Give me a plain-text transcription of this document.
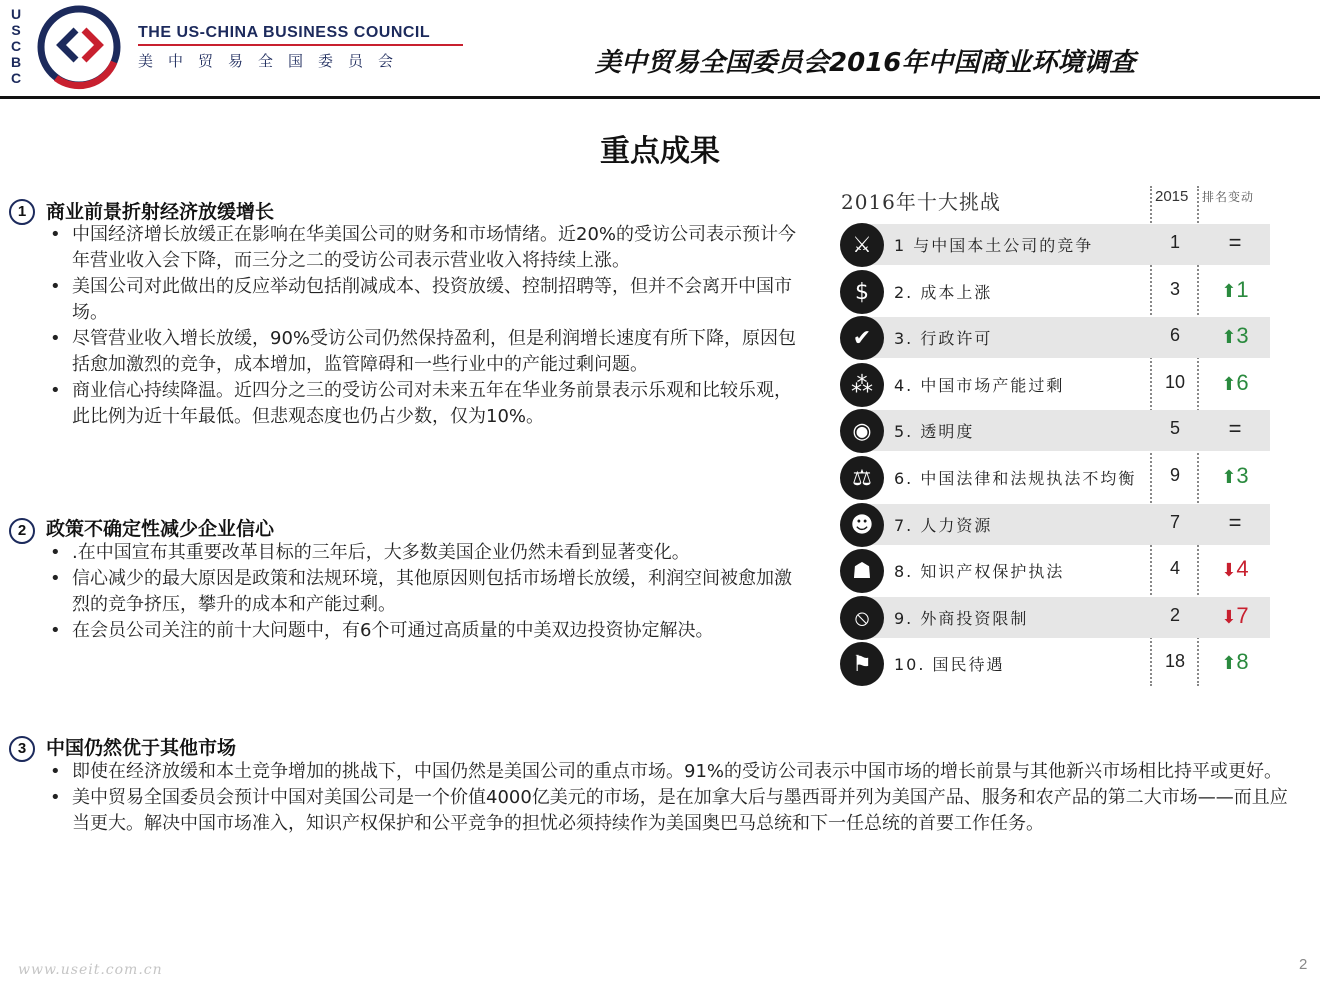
U
S
C
B
C
THE US-CHINA BUSINESS COUNCIL
美中贸易全国委员会	美中贸易全国委员会2016年中国商业环境调查
重点成果
1	商业前景折射经济放缓增长
• 中国经济增长放缓正在影响在华美国公司的财务和市场情绪。近20%的受访公司表示预计今年营业收入会下降，而三分之二的受访公司表示营业收入将持续上涨。
• 美国公司对此做出的反应举动包括削减成本、投资放缓、控制招聘等，但并不会离开中国市场。
• 尽管营业收入增长放缓，90%受访公司仍然保持盈利，但是利润增长速度有所下降，原因包括愈加激烈的竞争，成本增加，监管障碍和一些行业中的产能过剩问题。
• 商业信心持续降温。近四分之三的受访公司对未来五年在华业务前景表示乐观和比较乐观，此比例为近十年最低。但悲观态度也仍占少数，仅为10%。
2	政策不确定性减少企业信心
• .在中国宣布其重要改革目标的三年后，大多数美国企业仍然未看到显著变化。
• 信心减少的最大原因是政策和法规环境，其他原因则包括市场增长放缓，利润空间被愈加激烈的竞争挤压，攀升的成本和产能过剩。
• 在会员公司关注的前十大问题中，有6个可通过高质量的中美双边投资协定解决。
3	中国仍然优于其他市场
• 即使在经济放缓和本土竞争增加的挑战下，中国仍然是美国公司的重点市场。91%的受访公司表示中国市场的增长前景与其他新兴市场相比持平或更好。
• 美中贸易全国委员会预计中国对美国公司是一个价值4000亿美元的市场，是在加拿大后与墨西哥并列为美国产品、服务和农产品的第二大市场——而且应当更大。解决中国市场准入，知识产权保护和公平竞争的担忧必须持续作为美国奥巴马总统和下一任总统的首要工作任务。
2016年十大挑战	2015 排名变动
⚔	1 与中国本土公司的竞争	1	=
$	2. 成本上涨	3	⬆1
✔	3. 行政许可	6	⬆3
⁂	4. 中国市场产能过剩	10	⬆6
◉	5. 透明度	5	=
⚖	6. 中国法律和法规执法不均衡	9	⬆3
☻	7. 人力资源	7	=
☗	8. 知识产权保护执法	4	⬇4
⦸	9. 外商投资限制	2	⬇7
⚑	10. 国民待遇	18	⬆8
www.useit.com.cn	2
